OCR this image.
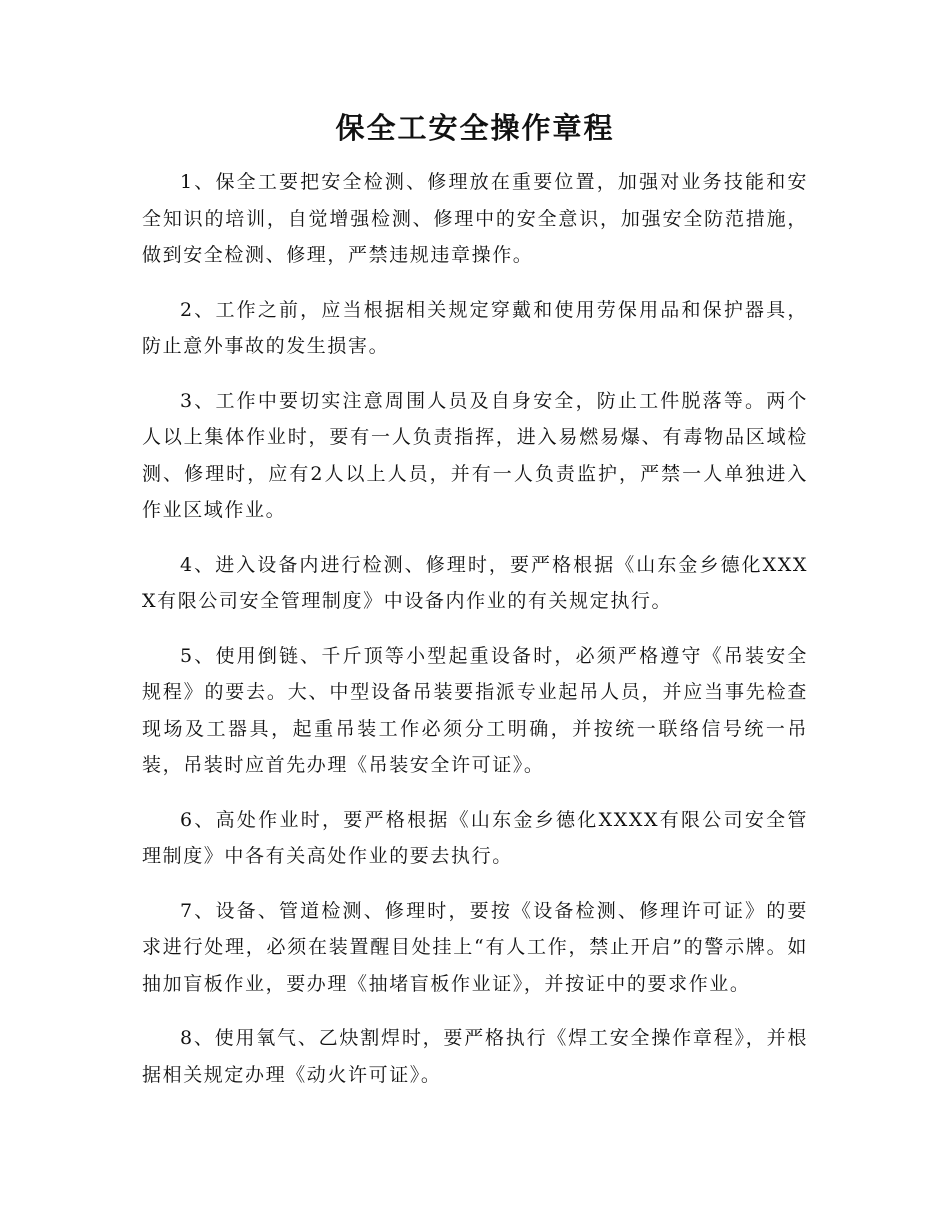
保全工安全操作章程

1、保全工要把安全检测、修理放在重要位置，加强对业务技能和安全知识的培训，自觉增强检测、修理中的安全意识，加强安全防范措施，做到安全检测、修理，严禁违规违章操作。

2、工作之前，应当根据相关规定穿戴和使用劳保用品和保护器具，防止意外事故的发生损害。

3、工作中要切实注意周围人员及自身安全，防止工件脱落等。两个人以上集体作业时，要有一人负责指挥，进入易燃易爆、有毒物品区域检测、修理时，应有2人以上人员，并有一人负责监护，严禁一人单独进入作业区域作业。

4、进入设备内进行检测、修理时，要严格根据《山东金乡德化XXXX有限公司安全管理制度》中设备内作业的有关规定执行。

5、使用倒链、千斤顶等小型起重设备时，必须严格遵守《吊装安全规程》的要去。大、中型设备吊装要指派专业起吊人员，并应当事先检查现场及工器具，起重吊装工作必须分工明确，并按统一联络信号统一吊装，吊装时应首先办理《吊装安全许可证》。

6、高处作业时，要严格根据《山东金乡德化XXXX有限公司安全管理制度》中各有关高处作业的要去执行。

7、设备、管道检测、修理时，要按《设备检测、修理许可证》的要求进行处理，必须在装置醒目处挂上“有人工作，禁止开启”的警示牌。如抽加盲板作业，要办理《抽堵盲板作业证》，并按证中的要求作业。

8、使用氧气、乙炔割焊时，要严格执行《焊工安全操作章程》，并根据相关规定办理《动火许可证》。
